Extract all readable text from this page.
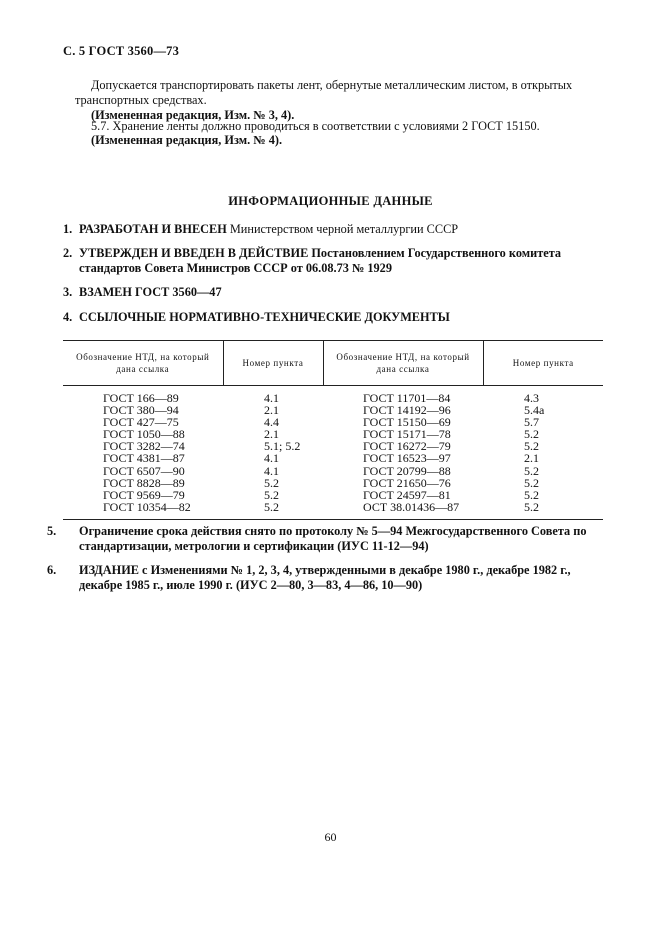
С. 5 ГОСТ 3560—73
Допускается транспортировать пакеты лент, обернутые металлическим листом, в открытых транспортных средствах.
(Измененная редакция, Изм. № 3, 4).
5.7. Хранение ленты должно проводиться в соответствии с условиями 2 ГОСТ 15150.
(Измененная редакция, Изм. № 4).
ИНФОРМАЦИОННЫЕ ДАННЫЕ
1. РАЗРАБОТАН И ВНЕСЕН Министерством черной металлургии СССР
2. УТВЕРЖДЕН И ВВЕДЕН В ДЕЙСТВИЕ Постановлением Государственного комитета стандартов Совета Министров СССР от 06.08.73 № 1929
3. ВЗАМЕН ГОСТ 3560—47
4. ССЫЛОЧНЫЕ НОРМАТИВНО-ТЕХНИЧЕСКИЕ ДОКУМЕНТЫ
Обозначение НТД, на который дана ссылка	Номер пункта	Обозначение НТД, на который дана ссылка	Номер пункта
ГОСТ 166—89	4.1	ГОСТ 11701—84	4.3
ГОСТ 380—94	2.1	ГОСТ 14192—96	5.4а
ГОСТ 427—75	4.4	ГОСТ 15150—69	5.7
ГОСТ 1050—88	2.1	ГОСТ 15171—78	5.2
ГОСТ 3282—74	5.1; 5.2	ГОСТ 16272—79	5.2
ГОСТ 4381—87	4.1	ГОСТ 16523—97	2.1
ГОСТ 6507—90	4.1	ГОСТ 20799—88	5.2
ГОСТ 8828—89	5.2	ГОСТ 21650—76	5.2
ГОСТ 9569—79	5.2	ГОСТ 24597—81	5.2
ГОСТ 10354—82	5.2	ОСТ 38.01436—87	5.2
5. Ограничение срока действия снято по протоколу № 5—94 Межгосударственного Совета по стандартизации, метрологии и сертификации (ИУС 11-12—94)
6. ИЗДАНИЕ с Изменениями № 1, 2, 3, 4, утвержденными в декабре 1980 г., декабре 1982 г., декабре 1985 г., июле 1990 г. (ИУС 2—80, 3—83, 4—86, 10—90)
60
